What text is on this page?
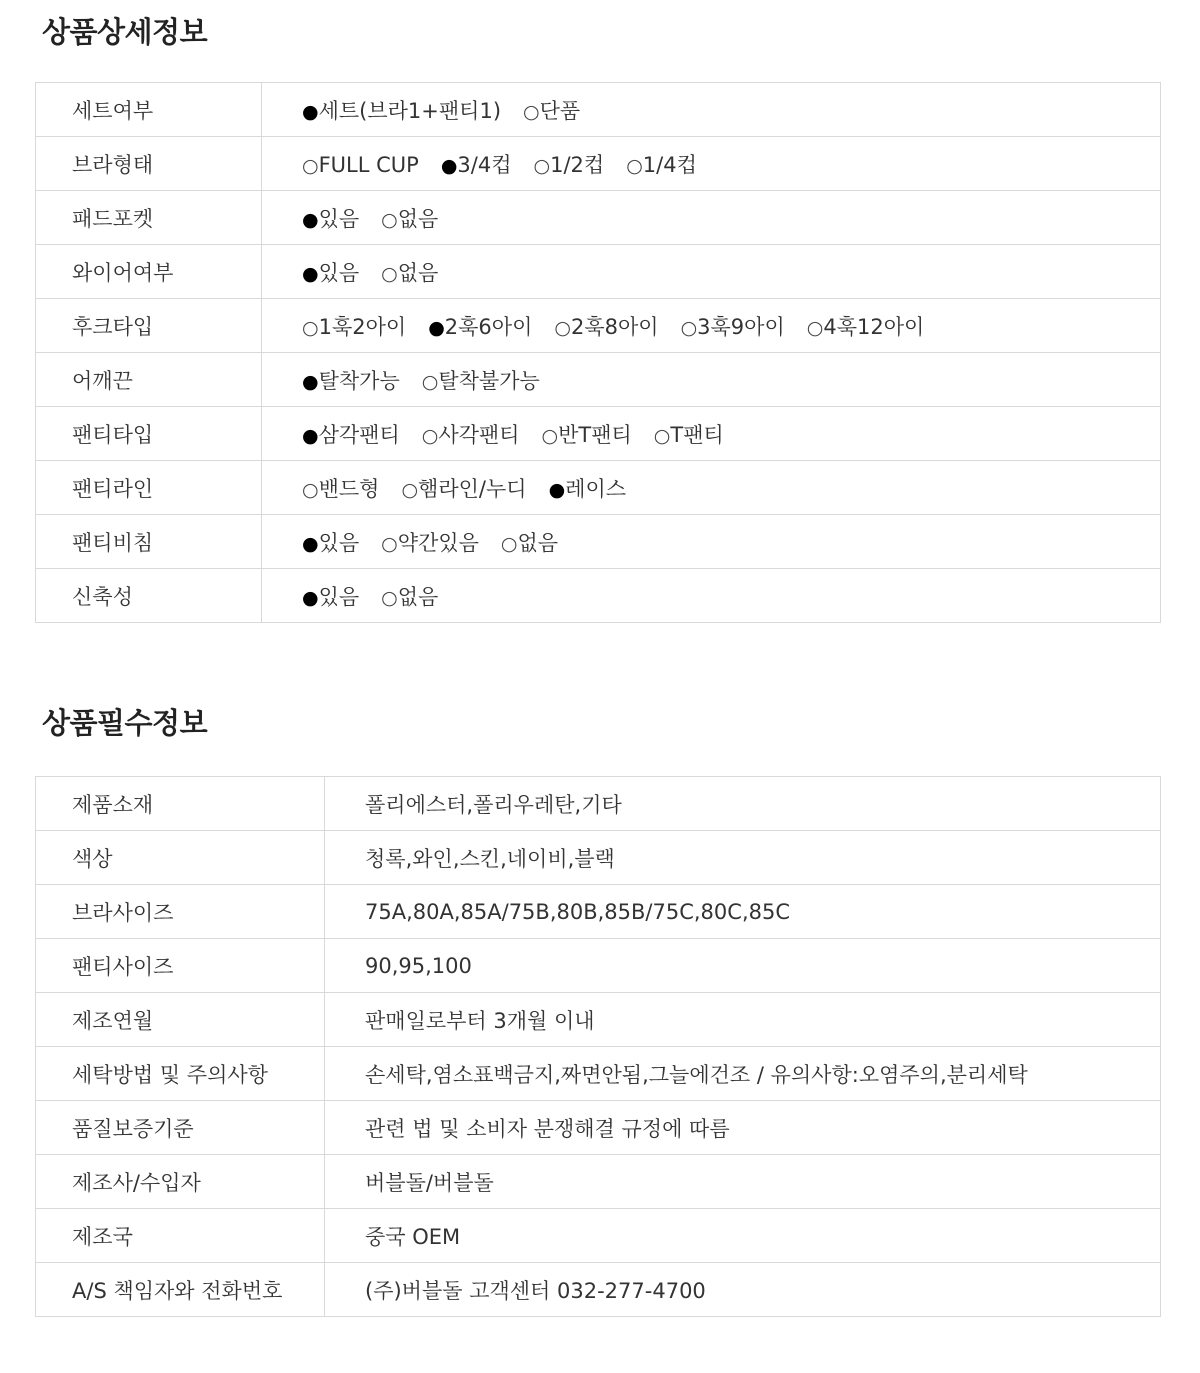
상품상세정보
세트여부	●세트(브라1+팬티1) ○단품
브라형태	○FULL CUP ●3/4컵 ○1/2컵 ○1/4컵
패드포켓	●있음 ○없음
와이어여부	●있음 ○없음
후크타입	○1훅2아이 ●2훅6아이 ○2훅8아이 ○3훅9아이 ○4훅12아이
어깨끈	●탈착가능 ○탈착불가능
팬티타입	●삼각팬티 ○사각팬티 ○반T팬티 ○T팬티
팬티라인	○밴드형 ○햄라인/누디 ●레이스
팬티비침	●있음 ○약간있음 ○없음
신축성	●있음 ○없음
상품필수정보
제품소재	폴리에스터,폴리우레탄,기타
색상	청록,와인,스킨,네이비,블랙
브라사이즈	75A,80A,85A/75B,80B,85B/75C,80C,85C
팬티사이즈	90,95,100
제조연월	판매일로부터 3개월 이내
세탁방법 및 주의사항	손세탁,염소표백금지,짜면안됨,그늘에건조 / 유의사항:오염주의,분리세탁
품질보증기준	관련 법 및 소비자 분쟁해결 규정에 따름
제조사/수입자	버블돌/버블돌
제조국	중국 OEM
A/S 책임자와 전화번호	(주)버블돌 고객센터 032-277-4700
